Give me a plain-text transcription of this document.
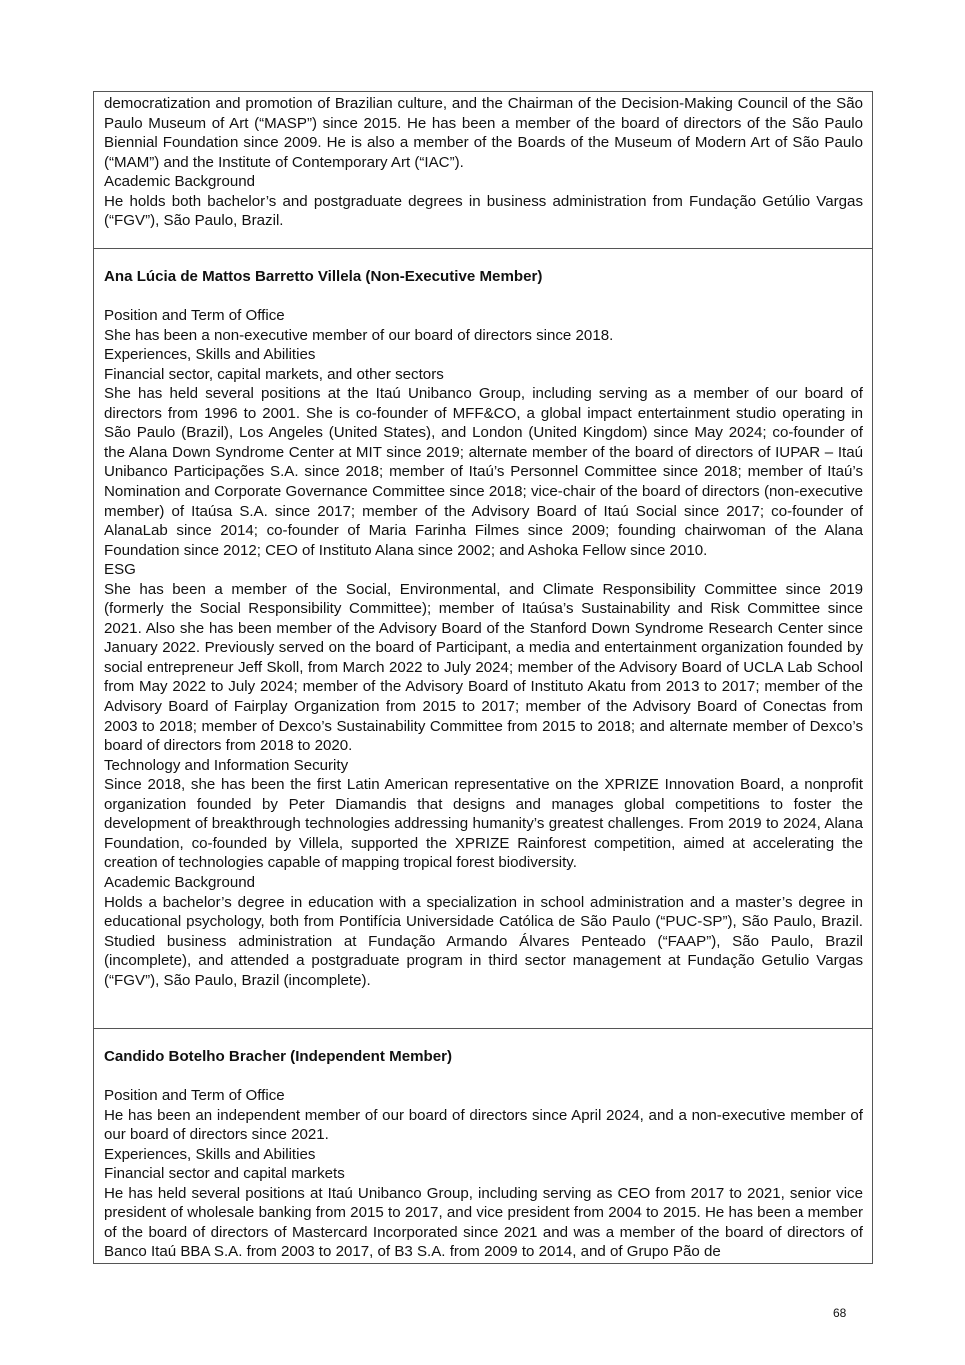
democratization and promotion of Brazilian culture, and the Chairman of the Decision-Making Council of the São Paulo Museum of Art (“MASP”) since 2015. He has been a member of the board of directors of the São Paulo Biennial Foundation since 2009. He is also a member of the Boards of the Museum of Modern Art of São Paulo (“MAM”) and the Institute of Contemporary Art (“IAC”).

Academic Background

He holds both bachelor’s and postgraduate degrees in business administration from Fundação Getúlio Vargas (“FGV”), São Paulo, Brazil.

Ana Lúcia de Mattos Barretto Villela (Non-Executive Member)

Position and Term of Office

She has been a non-executive member of our board of directors since 2018.

Experiences, Skills and Abilities

Financial sector, capital markets, and other sectors

She has held several positions at the Itaú Unibanco Group, including serving as a member of our board of directors from 1996 to 2001. She is co-founder of MFF&CO, a global impact entertainment studio operating in São Paulo (Brazil), Los Angeles (United States), and London (United Kingdom) since May 2024; co-founder of the Alana Down Syndrome Center at MIT since 2019; alternate member of the board of directors of IUPAR – Itaú Unibanco Participações S.A. since 2018; member of Itaú’s Personnel Committee since 2018; member of Itaú’s Nomination and Corporate Governance Committee since 2018; vice-chair of the board of directors (non-executive member) of Itaúsa S.A. since 2017; member of the Advisory Board of Itaú Social since 2017; co-founder of AlanaLab since 2014; co-founder of Maria Farinha Filmes since 2009; founding chairwoman of the Alana Foundation since 2012; CEO of Instituto Alana since 2002; and Ashoka Fellow since 2010.

ESG

She has been a member of the Social, Environmental, and Climate Responsibility Committee since 2019 (formerly the Social Responsibility Committee); member of Itaúsa’s Sustainability and Risk Committee since 2021. Also she has been member of the Advisory Board of the Stanford Down Syndrome Research Center since January 2022. Previously served on the board of Participant, a media and entertainment organization founded by social entrepreneur Jeff Skoll, from March 2022 to July 2024; member of the Advisory Board of UCLA Lab School from May 2022 to July 2024; member of the Advisory Board of Instituto Akatu from 2013 to 2017; member of the Advisory Board of Fairplay Organization from 2015 to 2017; member of the Advisory Board of Conectas from 2003 to 2018; member of Dexco’s Sustainability Committee from 2015 to 2018; and alternate member of Dexco’s board of directors from 2018 to 2020.

Technology and Information Security

Since 2018, she has been the first Latin American representative on the XPRIZE Innovation Board, a nonprofit organization founded by Peter Diamandis that designs and manages global competitions to foster the development of breakthrough technologies addressing humanity’s greatest challenges. From 2019 to 2024, Alana Foundation, co-founded by Villela, supported the XPRIZE Rainforest competition, aimed at accelerating the creation of technologies capable of mapping tropical forest biodiversity.

Academic Background

Holds a bachelor’s degree in education with a specialization in school administration and a master’s degree in educational psychology, both from Pontifícia Universidade Católica de São Paulo (“PUC-SP”), São Paulo, Brazil. Studied business administration at Fundação Armando Álvares Penteado (“FAAP”), São Paulo, Brazil (incomplete), and attended a postgraduate program in third sector management at Fundação Getulio Vargas (“FGV”), São Paulo, Brazil (incomplete).

Candido Botelho Bracher (Independent Member)

Position and Term of Office

He has been an independent member of our board of directors since April 2024, and a non-executive member of our board of directors since 2021.

Experiences, Skills and Abilities

Financial sector and capital markets

He has held several positions at Itaú Unibanco Group, including serving as CEO from 2017 to 2021, senior vice president of wholesale banking from 2015 to 2017, and vice president from 2004 to 2015. He has been a member of the board of directors of Mastercard Incorporated since 2021 and was a member of the board of directors of Banco Itaú BBA S.A. from 2003 to 2017, of B3 S.A. from 2009 to 2014, and of Grupo Pão de

68
